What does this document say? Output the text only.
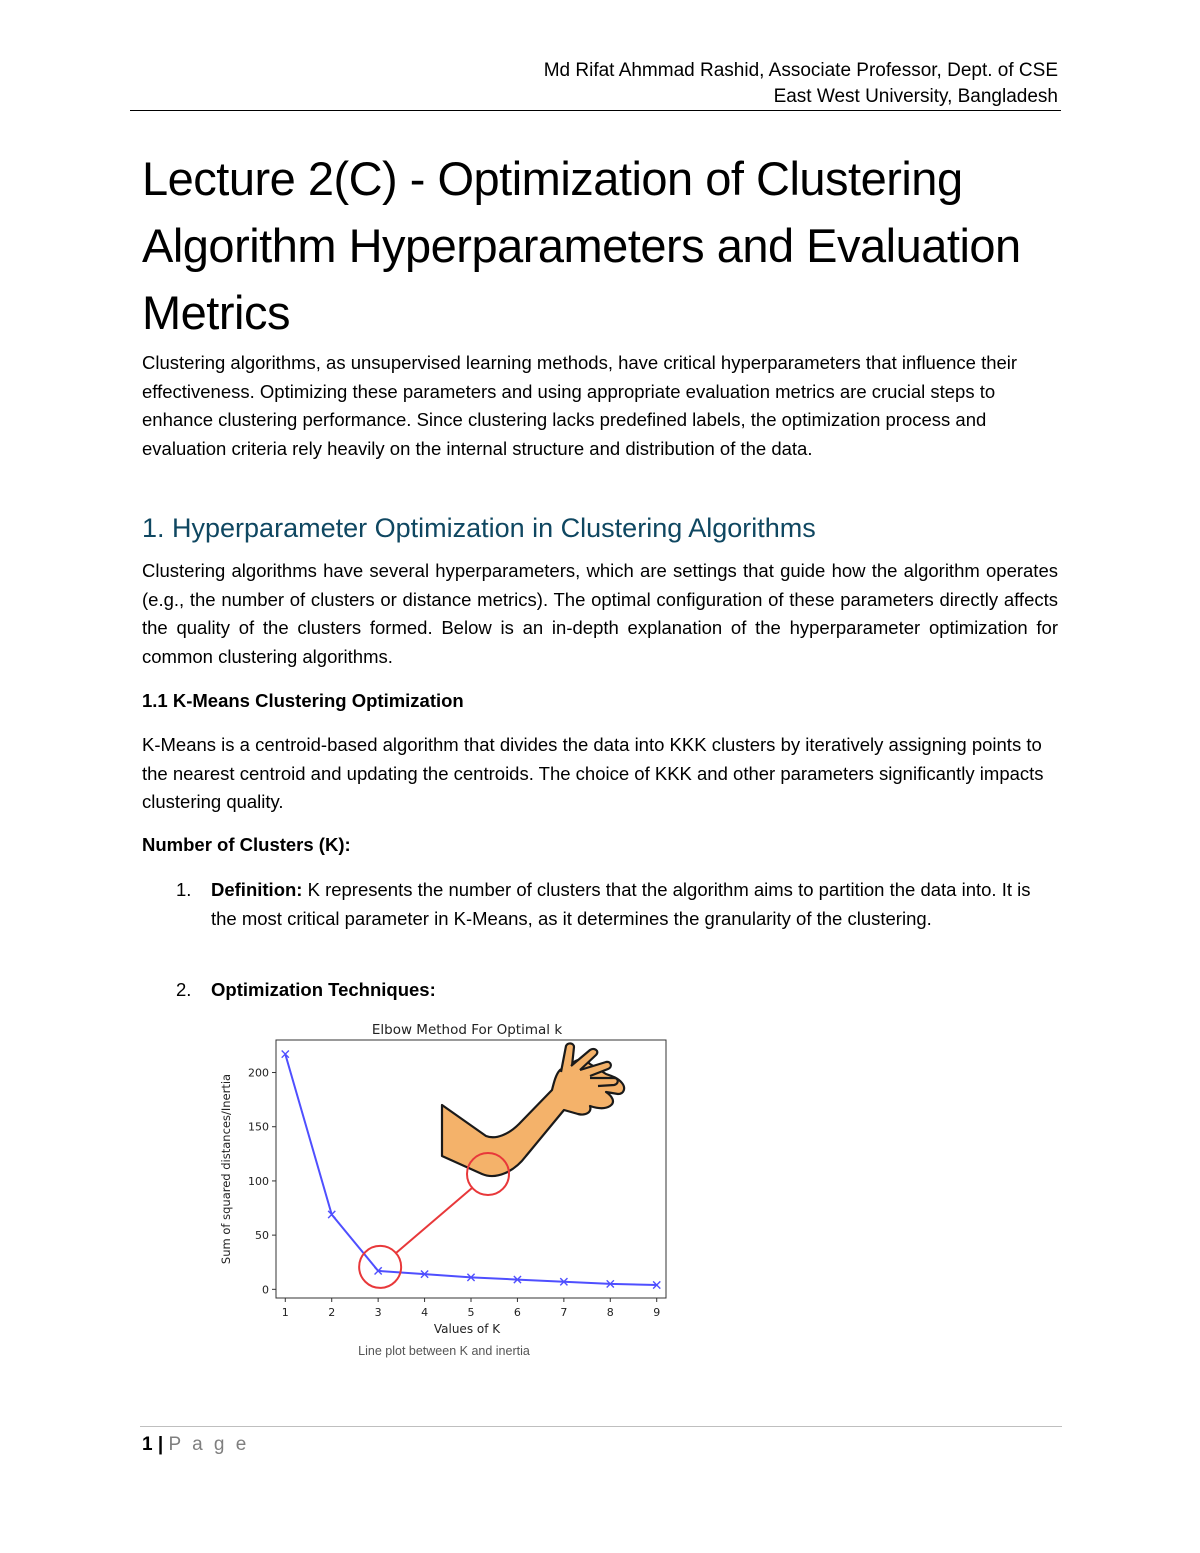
Md Rifat Ahmmad Rashid, Associate Professor, Dept. of CSE
East West University, Bangladesh
Lecture 2(C) - Optimization of Clustering Algorithm Hyperparameters and Evaluation Metrics

Clustering algorithms, as unsupervised learning methods, have critical hyperparameters that influence their effectiveness. Optimizing these parameters and using appropriate evaluation metrics are crucial steps to enhance clustering performance. Since clustering lacks predefined labels, the optimization process and evaluation criteria rely heavily on the internal structure and distribution of the data.

1. Hyperparameter Optimization in Clustering Algorithms

Clustering algorithms have several hyperparameters, which are settings that guide how the algorithm operates (e.g., the number of clusters or distance metrics). The optimal configuration of these parameters directly affects the quality of the clusters formed. Below is an in-depth explanation of the hyperparameter optimization for common clustering algorithms.

1.1 K-Means Clustering Optimization

K-Means is a centroid-based algorithm that divides the data into KKK clusters by iteratively assigning points to the nearest centroid and updating the centroids. The choice of KKK and other parameters significantly impacts clustering quality.

Number of Clusters (K):
1. Definition: K represents the number of clusters that the algorithm aims to partition the data into. It is the most critical parameter in K-Means, as it determines the granularity of the clustering.

2. Optimization Techniques:

Elbow Method For Optimal k
0
50
100
150
200
1	2	3	4	5	6	7	8	9
Values of K
Sum of squared distances/Inertia
Line plot between K and inertia
1 | P a g e
